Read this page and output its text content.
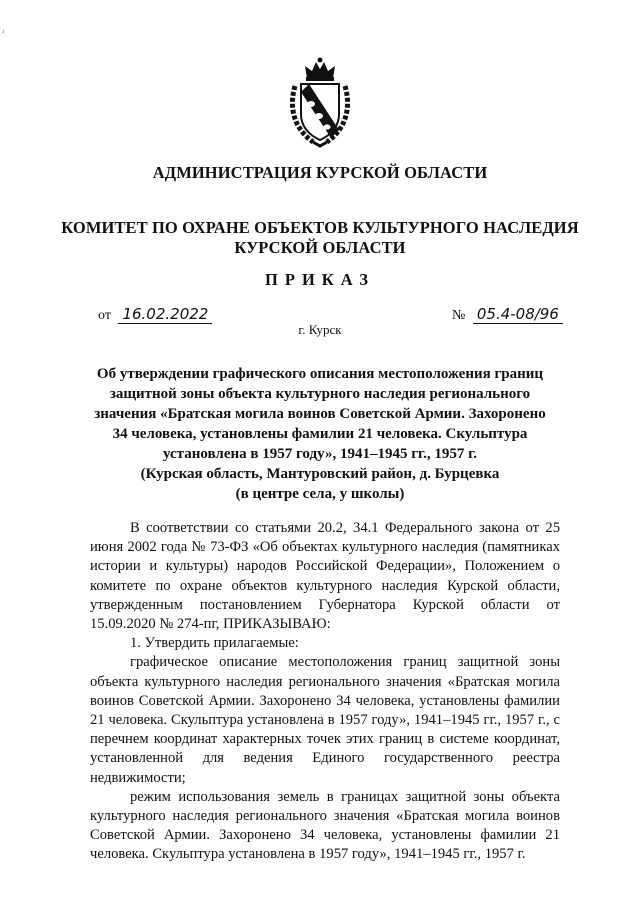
¹
АДМИНИСТРАЦИЯ КУРСКОЙ ОБЛАСТИ
КОМИТЕТ ПО ОХРАНЕ ОБЪЕКТОВ КУЛЬТУРНОГО НАСЛЕДИЯ
КУРСКОЙ ОБЛАСТИ
ПРИКАЗ
от 16.02.2022	№ 05.4-08/96
г. Курск
Об утверждении графического описания местоположения границ
защитной зоны объекта культурного наследия регионального
значения «Братская могила воинов Советской Армии. Захоронено
34 человека, установлены фамилии 21 человека. Скульптура
установлена в 1957 году», 1941–1945 гг., 1957 г.
(Курская область, Мантуровский район, д. Бурцевка
(в центре села, у школы)

В соответствии со статьями 20.2, 34.1 Федерального закона от 25 июня 2002 года № 73-ФЗ «Об объектах культурного наследия (памятниках истории и культуры) народов Российской Федерации», Положением о комитете по охране объектов культурного наследия Курской области, утвержденным постановлением Губернатора Курской области от 15.09.2020 № 274-пг, ПРИКАЗЫВАЮ:

1. Утвердить прилагаемые:

графическое описание местоположения границ защитной зоны объекта культурного наследия регионального значения «Братская могила воинов Советской Армии. Захоронено 34 человека, установлены фамилии 21 человека. Скульптура установлена в 1957 году», 1941–1945 гг., 1957 г., с перечнем координат характерных точек этих границ в системе координат, установленной для ведения Единого государственного реестра недвижимости;

режим использования земель в границах защитной зоны объекта культурного наследия регионального значения «Братская могила воинов Советской Армии. Захоронено 34 человека, установлены фамилии 21 человека. Скульптура установлена в 1957 году», 1941–1945 гг., 1957 г.
